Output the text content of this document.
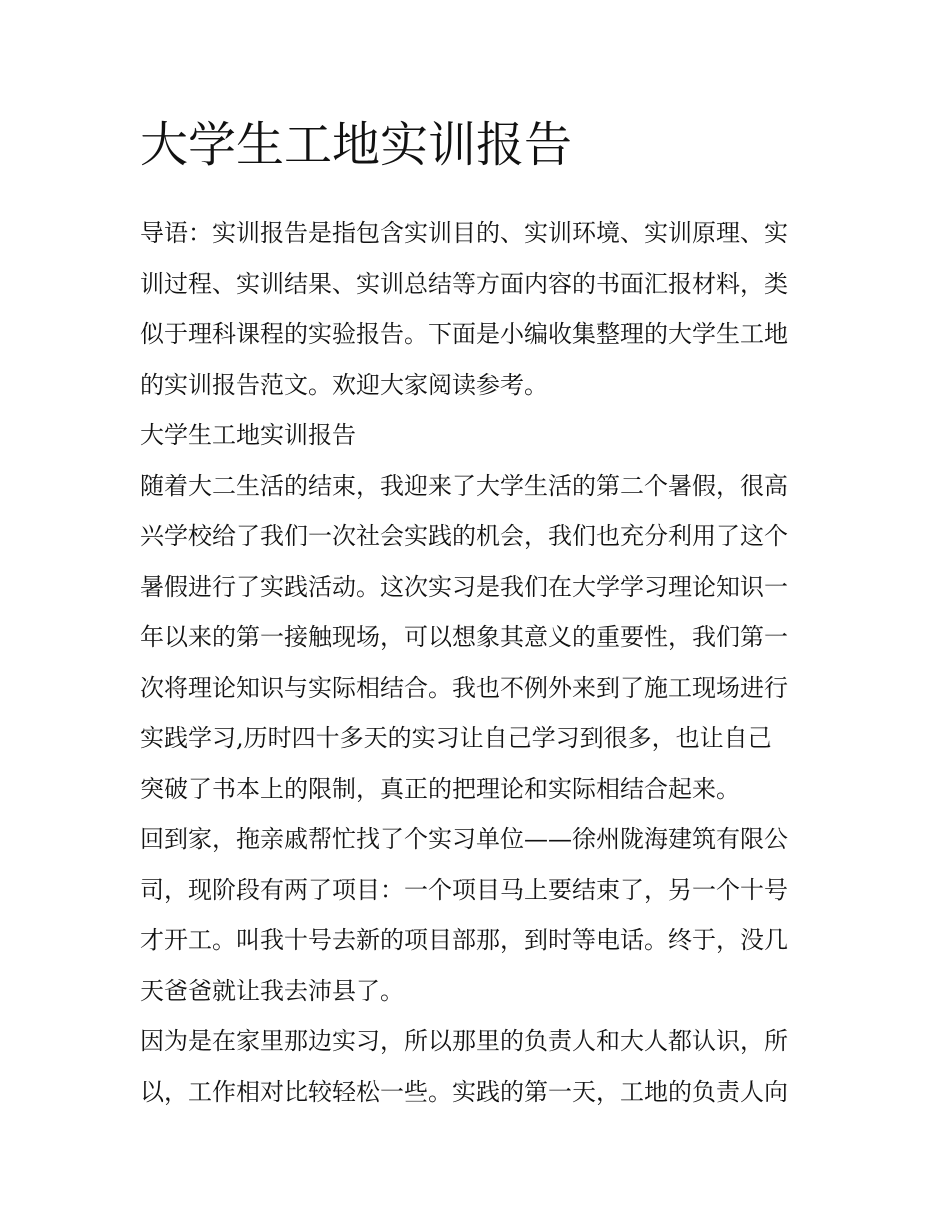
大学生工地实训报告

导语：实训报告是指包含实训目的、实训环境、实训原理、实
训过程、实训结果、实训总结等方面内容的书面汇报材料，类
似于理科课程的实验报告。下面是小编收集整理的大学生工地
的实训报告范文。欢迎大家阅读参考。

大学生工地实训报告

随着大二生活的结束，我迎来了大学生活的第二个暑假，很高
兴学校给了我们一次社会实践的机会，我们也充分利用了这个
暑假进行了实践活动。这次实习是我们在大学学习理论知识一
年以来的第一接触现场，可以想象其意义的重要性，我们第一
次将理论知识与实际相结合。我也不例外来到了施工现场进行
实践学习,历时四十多天的实习让自己学习到很多，也让自己
突破了书本上的限制，真正的把理论和实际相结合起来。

回到家，拖亲戚帮忙找了个实习单位——徐州陇海建筑有限公
司，现阶段有两了项目：一个项目马上要结束了，另一个十号
才开工。叫我十号去新的项目部那，到时等电话。终于，没几
天爸爸就让我去沛县了。

因为是在家里那边实习，所以那里的负责人和大人都认识，所
以，工作相对比较轻松一些。实践的第一天，工地的负责人向
